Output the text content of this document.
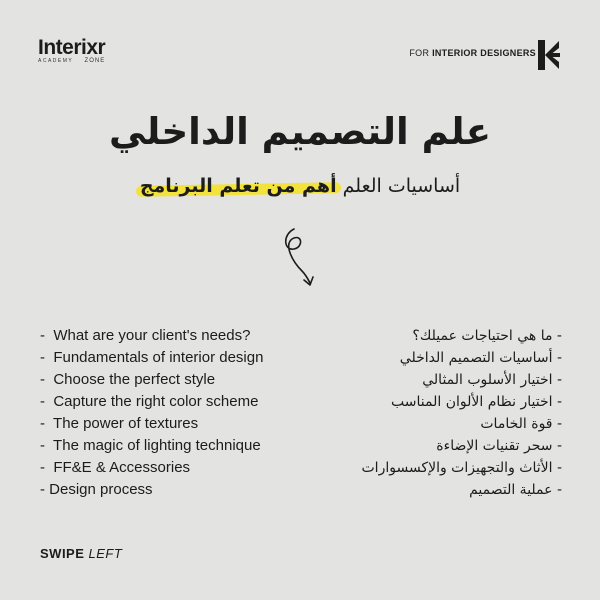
Interixr
ACADEMY ZONE
FOR INTERIOR DESIGNERS
علم التصميم الداخلي
أساسيات العلم أهم من تعلم البرنامج
-  What are your client's needs?
-  Fundamentals of interior design
-  Choose the perfect style
-  Capture the right color scheme
-  The power of textures
-  The magic of lighting technique
-  FF&E & Accessories
- Design process
- ما هي احتياجات عميلك؟
- أساسيات التصميم الداخلي
- اختيار الأسلوب المثالي
- اختيار نظام الألوان المناسب
- قوة الخامات
- سحر تقنيات الإضاءة
- الأثاث والتجهيزات والإكسسوارات
- عملية التصميم
SWIPE LEFT
